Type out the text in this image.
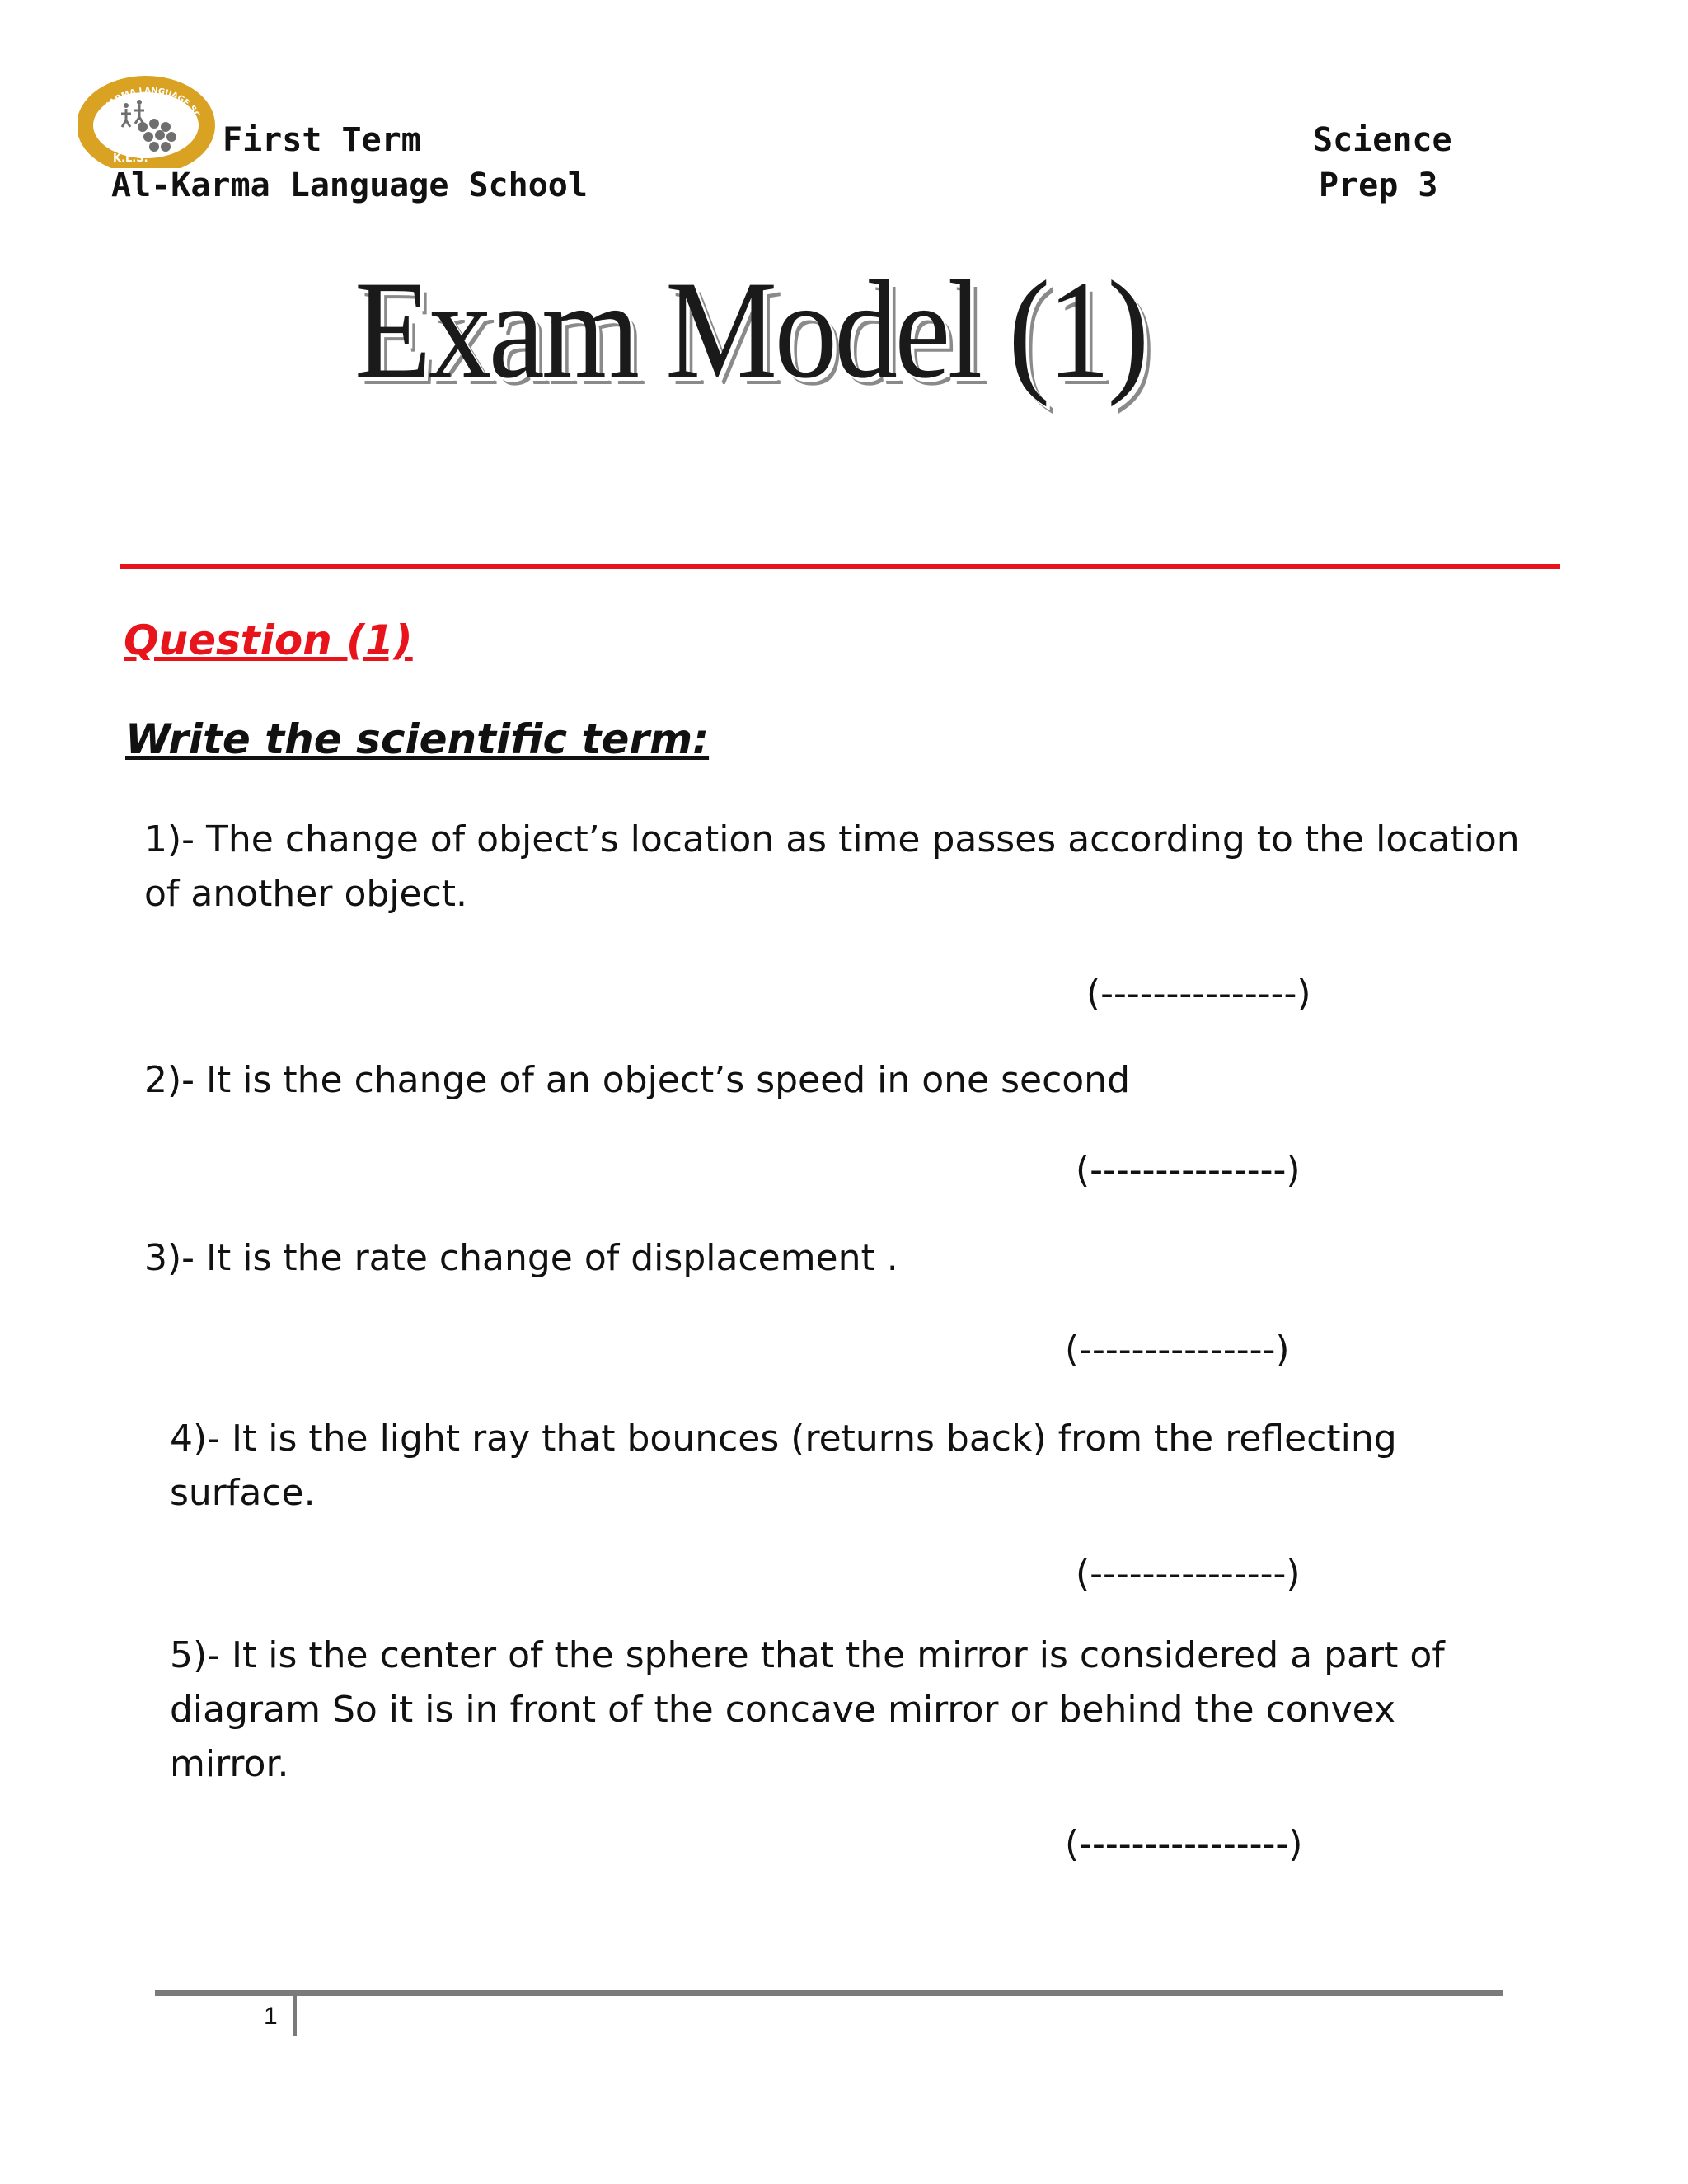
AL KARMA LANGUAGE SC
K.L.S. First Term
Al-Karma Language School
Science
Prep 3
Exam Model (1)
Question (1)
Write the scientific term:
1)- The change of object’s location as time passes according to the location of another object.
(---------------)
2)- It is the change of an object’s speed in one second
(---------------)
3)- It is the rate change of displacement .
(---------------)
4)- It is the light ray that bounces (returns back) from the reflecting surface.
(---------------)
5)- It is the center of the sphere that the mirror is considered a part of diagram So it is in front of the concave mirror or behind the convex mirror.
(----------------)
1
